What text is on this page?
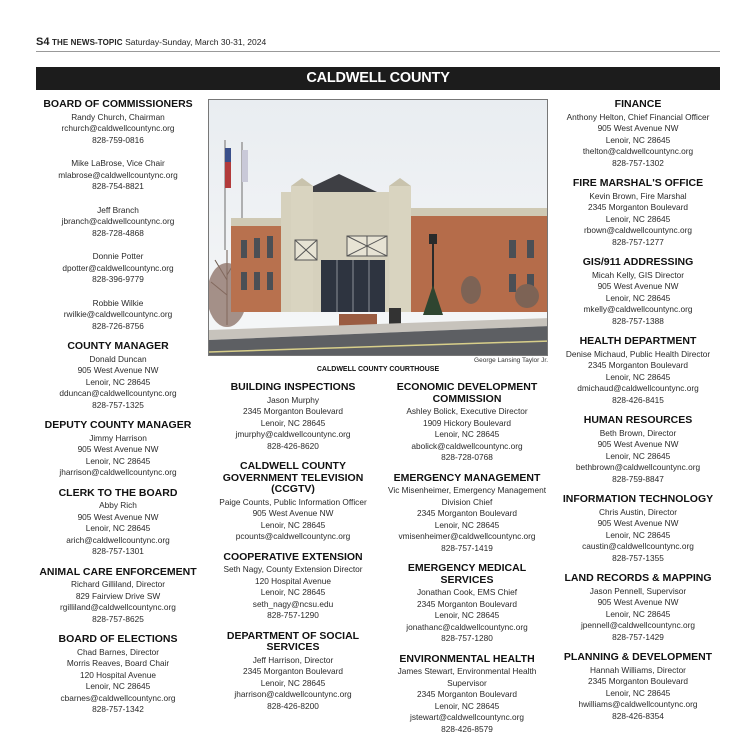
S4 THE NEWS-TOPIC Saturday-Sunday, March 30-31, 2024
CALDWELL COUNTY
BOARD OF COMMISSIONERS
Randy Church, Chairman
rchurch@caldwellcountync.org
828-759-0816
Mike LaBrose, Vice Chair
mlabrose@caldwellcountync.org
828-754-8821
Jeff Branch
jbranch@caldwellcountync.org
828-728-4868
Donnie Potter
dpotter@caldwellcountync.org
828-396-9779
Robbie Wilkie
rwilkie@caldwellcountync.org
828-726-8756
COUNTY MANAGER
Donald Duncan
905 West Avenue NW
Lenoir, NC 28645
dduncan@caldwellcountync.org
828-757-1325
DEPUTY COUNTY MANAGER
Jimmy Harrison
905 West Avenue NW
Lenoir, NC 28645
jharrison@caldwellcountync.org
CLERK TO THE BOARD
Abby Rich
905 West Avenue NW
Lenoir, NC 28645
arich@caldwellcountync.org
828-757-1301
ANIMAL CARE ENFORCEMENT
Richard Gilliland, Director
829 Fairview Drive SW
rgilliland@caldwellcountync.org
828-757-8625
BOARD OF ELECTIONS
Chad Barnes, Director
Morris Reaves, Board Chair
120 Hospital Avenue
Lenoir, NC 28645
cbarnes@caldwellcountync.org
828-757-1342
George Lansing Taylor Jr.
CALDWELL COUNTY COURTHOUSE
BUILDING INSPECTIONS
Jason Murphy
2345 Morganton Boulevard
Lenoir, NC 28645
jmurphy@caldwellcountync.org
828-426-8620
CALDWELL COUNTY GOVERNMENT TELEVISION (CCGTV)
Paige Counts, Public Information Officer
905 West Avenue NW
Lenoir, NC 28645
pcounts@caldwellcountync.org
COOPERATIVE EXTENSION
Seth Nagy, County Extension Director
120 Hospital Avenue
Lenoir, NC 28645
seth_nagy@ncsu.edu
828-757-1290
DEPARTMENT OF SOCIAL SERVICES
Jeff Harrison, Director
2345 Morganton Boulevard
Lenoir, NC 28645
jharrison@caldwellcountync.org
828-426-8200
ECONOMIC DEVELOPMENT COMMISSION
Ashley Bolick, Executive Director
1909 Hickory Boulevard
Lenoir, NC 28645
abolick@caldwellcountync.org
828-728-0768
EMERGENCY MANAGEMENT
Vic Misenheimer, Emergency Management Division Chief
2345 Morganton Boulevard
Lenoir, NC 28645
vmisenheimer@caldwellcountync.org
828-757-1419
EMERGENCY MEDICAL SERVICES
Jonathan Cook, EMS Chief
2345 Morganton Boulevard
Lenoir, NC 28645
jonathanc@caldwellcountync.org
828-757-1280
ENVIRONMENTAL HEALTH
James Stewart, Environmental Health Supervisor
2345 Morganton Boulevard
Lenoir, NC 28645
jstewart@caldwellcountync.org
828-426-8579
FINANCE
Anthony Helton, Chief Financial Officer
905 West Avenue NW
Lenoir, NC 28645
thelton@caldwellcountync.org
828-757-1302
FIRE MARSHAL'S OFFICE
Kevin Brown, Fire Marshal
2345 Morganton Boulevard
Lenoir, NC 28645
rbown@caldwellcountync.org
828-757-1277
GIS/911 ADDRESSING
Micah Kelly, GIS Director
905 West Avenue NW
Lenoir, NC 28645
mkelly@caldwellcountync.org
828-757-1388
HEALTH DEPARTMENT
Denise Michaud, Public Health Director
2345 Morganton Boulevard
Lenoir, NC 28645
dmichaud@caldwellcountync.org
828-426-8415
HUMAN RESOURCES
Beth Brown, Director
905 West Avenue NW
Lenoir, NC 28645
bethbrown@caldwellcountync.org
828-759-8847
INFORMATION TECHNOLOGY
Chris Austin, Director
905 West Avenue NW
Lenoir, NC 28645
caustin@caldwellcountync.org
828-757-1355
LAND RECORDS & MAPPING
Jason Pennell, Supervisor
905 West Avenue NW
Lenoir, NC 28645
jpennell@caldwellcountync.org
828-757-1429
PLANNING & DEVELOPMENT
Hannah Williams, Director
2345 Morganton Boulevard
Lenoir, NC 28645
hwilliams@caldwellcountync.org
828-426-8354
